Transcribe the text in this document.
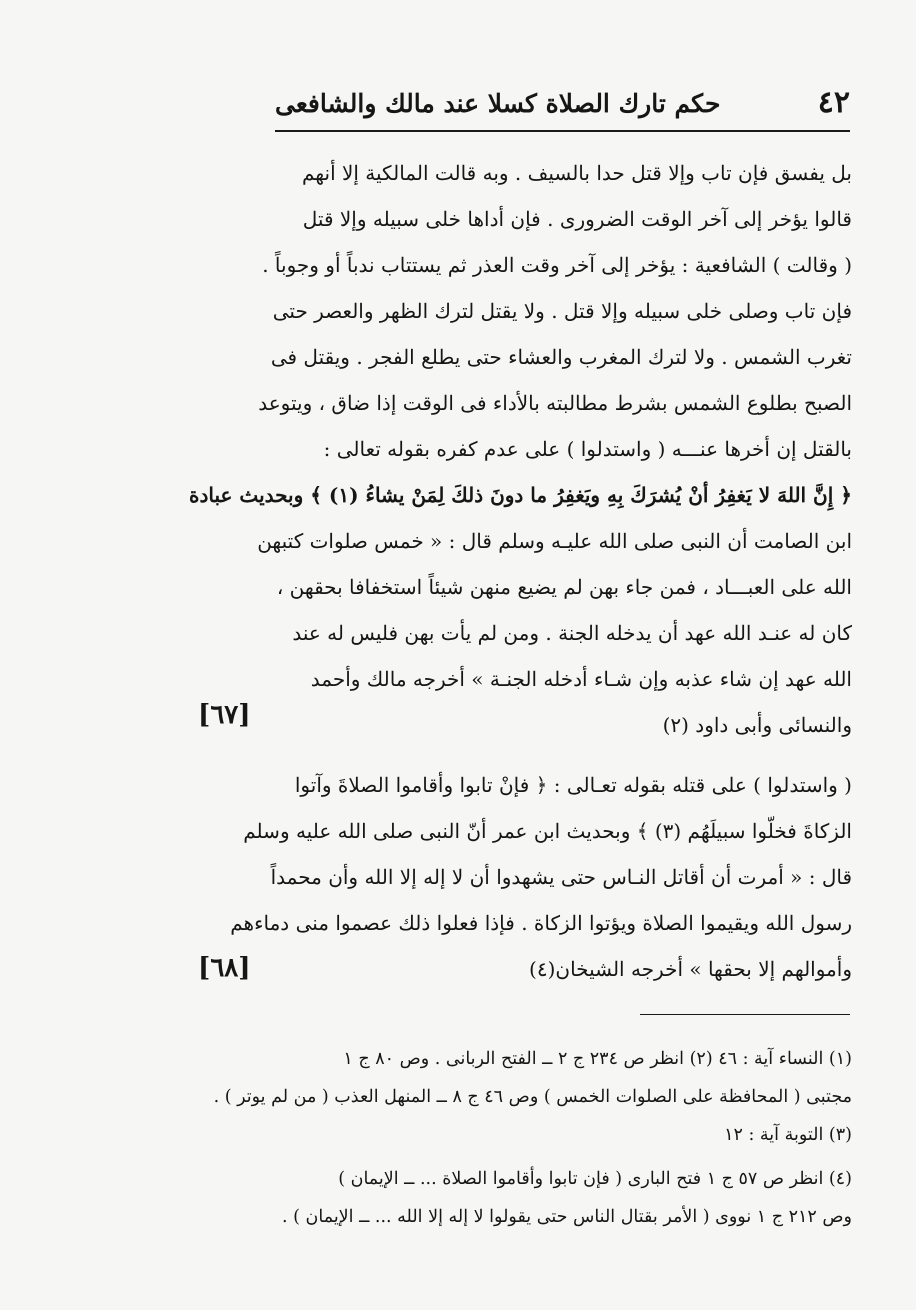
٤٢
حكم تارك الصلاة كسلا عند مالك والشافعى
بل يفسق فإن تاب وإلا قتل حدا بالسيف . وبه قالت المالكية إلا أنهم
قالوا يؤخر إلى آخر الوقت الضرورى . فإن أداها خلى سبيله وإلا قتل
( وقالت ) الشافعية : يؤخر إلى آخر وقت العذر ثم يستتاب ندباً أو وجوباً .
فإن تاب وصلى خلى سبيله وإلا قتل . ولا يقتل لترك الظهر والعصر حتى
تغرب الشمس . ولا لترك المغرب والعشاء حتى يطلع الفجر . ويقتل فى
الصبح بطلوع الشمس بشرط مطالبته بالأداء فى الوقت إذا ضاق ، ويتوعد
بالقتل إن أخرها عنـــه ( واستدلوا ) على عدم كفره بقوله تعالى :
﴿ إِنَّ اللهَ لا يَغفِرُ أنْ يُشرَكَ بِهِ ويَغفِرُ ما دونَ ذلكَ لِمَنْ يشاءُ (١) ﴾ وبحديث عبادة
ابن الصامت أن النبى صلى الله عليـه وسلم قال : « خمس صلوات كتبهن
الله على العبـــاد ، فمن جاء بهن لم يضيع منهن شيئاً استخفافا بحقهن ،
كان له عنـد الله عهد أن يدخله الجنة . ومن لم يأت بهن فليس له عند
الله عهد إن شاء عذبه وإن شـاء أدخله الجنـة » أخرجه مالك وأحمد
والنسائى وأبى داود (٢)
[٦٧]
( واستدلوا ) على قتله بقوله تعـالى : ﴿ فإنْ تابوا وأقاموا الصلاةَ وآتوا
الزكاةَ فخلّوا سبيلَهُم (٣) ﴾ وبحديث ابن عمر أنّ النبى صلى الله عليه وسلم
قال : « أمرت أن أقاتل النـاس حتى يشهدوا أن لا إله إلا الله وأن محمداً
رسول الله ويقيموا الصلاة ويؤتوا الزكاة . فإذا فعلوا ذلك عصموا منى دماءهم
وأموالهم إلا بحقها » أخرجه الشيخان(٤)
[٦٨]
(١) النساء آية : ٤٦ (٢) انظر ص ٢٣٤ ج ٢ ــ الفتح الربانى . وص ٨٠ ج ١
مجتبى ( المحافظة على الصلوات الخمس ) وص ٤٦ ج ٨ ــ المنهل العذب ( من لم يوتر ) .
(٣) التوبة آية : ١٢
(٤) انظر ص ٥٧ ج ١ فتح البارى ( فإن تابوا وأقاموا الصلاة ... ــ الإيمان )
وص ٢١٢ ج ١ نووى ( الأمر بقتال الناس حتى يقولوا لا إله إلا الله ... ــ الإيمان ) .
